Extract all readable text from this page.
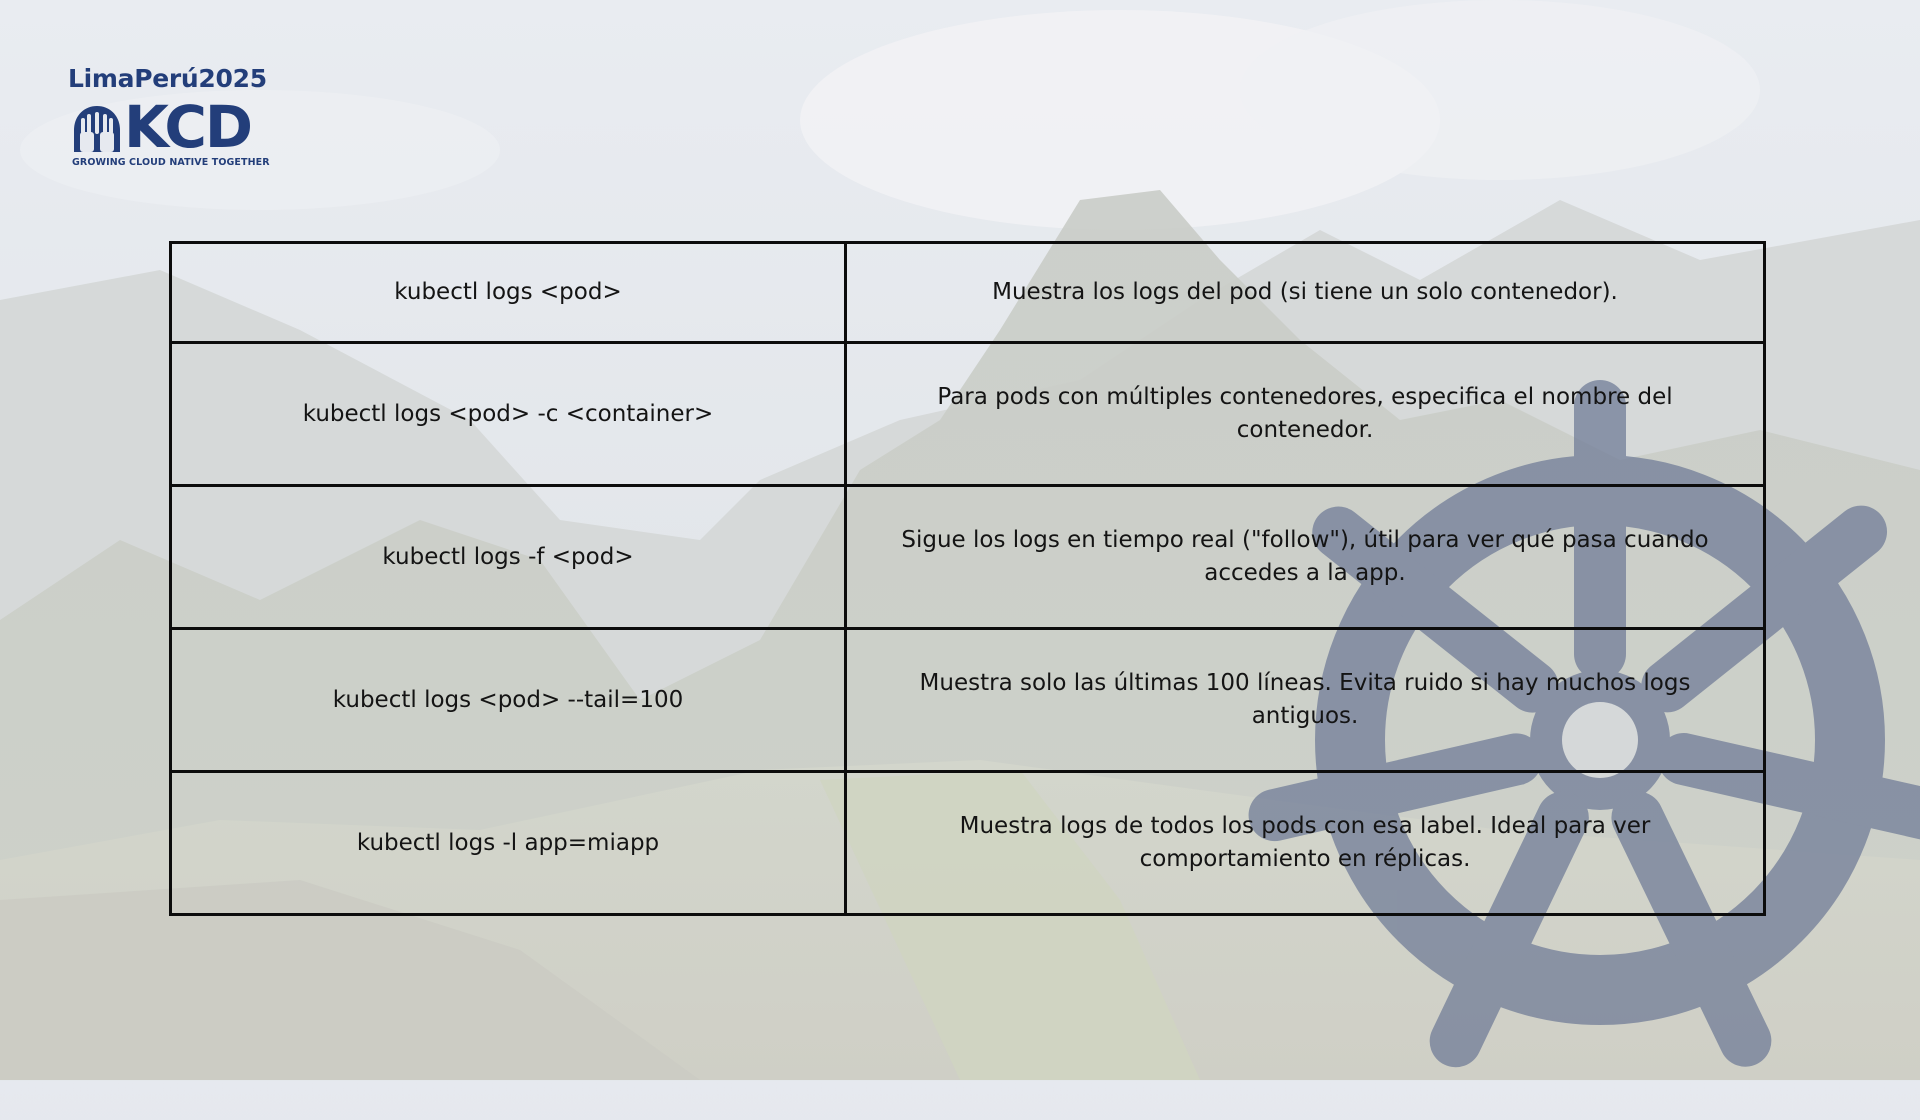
LimaPerú2025
KCD
GROWING CLOUD NATIVE TOGETHER
kubectl logs <pod>	Muestra los logs del pod (si tiene un solo contenedor).
kubectl logs <pod> -c <container>	Para pods con múltiples contenedores, especifica el nombre del contenedor.
kubectl logs -f <pod>	Sigue los logs en tiempo real ("follow"), útil para ver qué pasa cuando accedes a la app.
kubectl logs <pod> --tail=100	Muestra solo las últimas 100 líneas. Evita ruido si hay muchos logs antiguos.
kubectl logs -l app=miapp	Muestra logs de todos los pods con esa label. Ideal para ver comportamiento en réplicas.
